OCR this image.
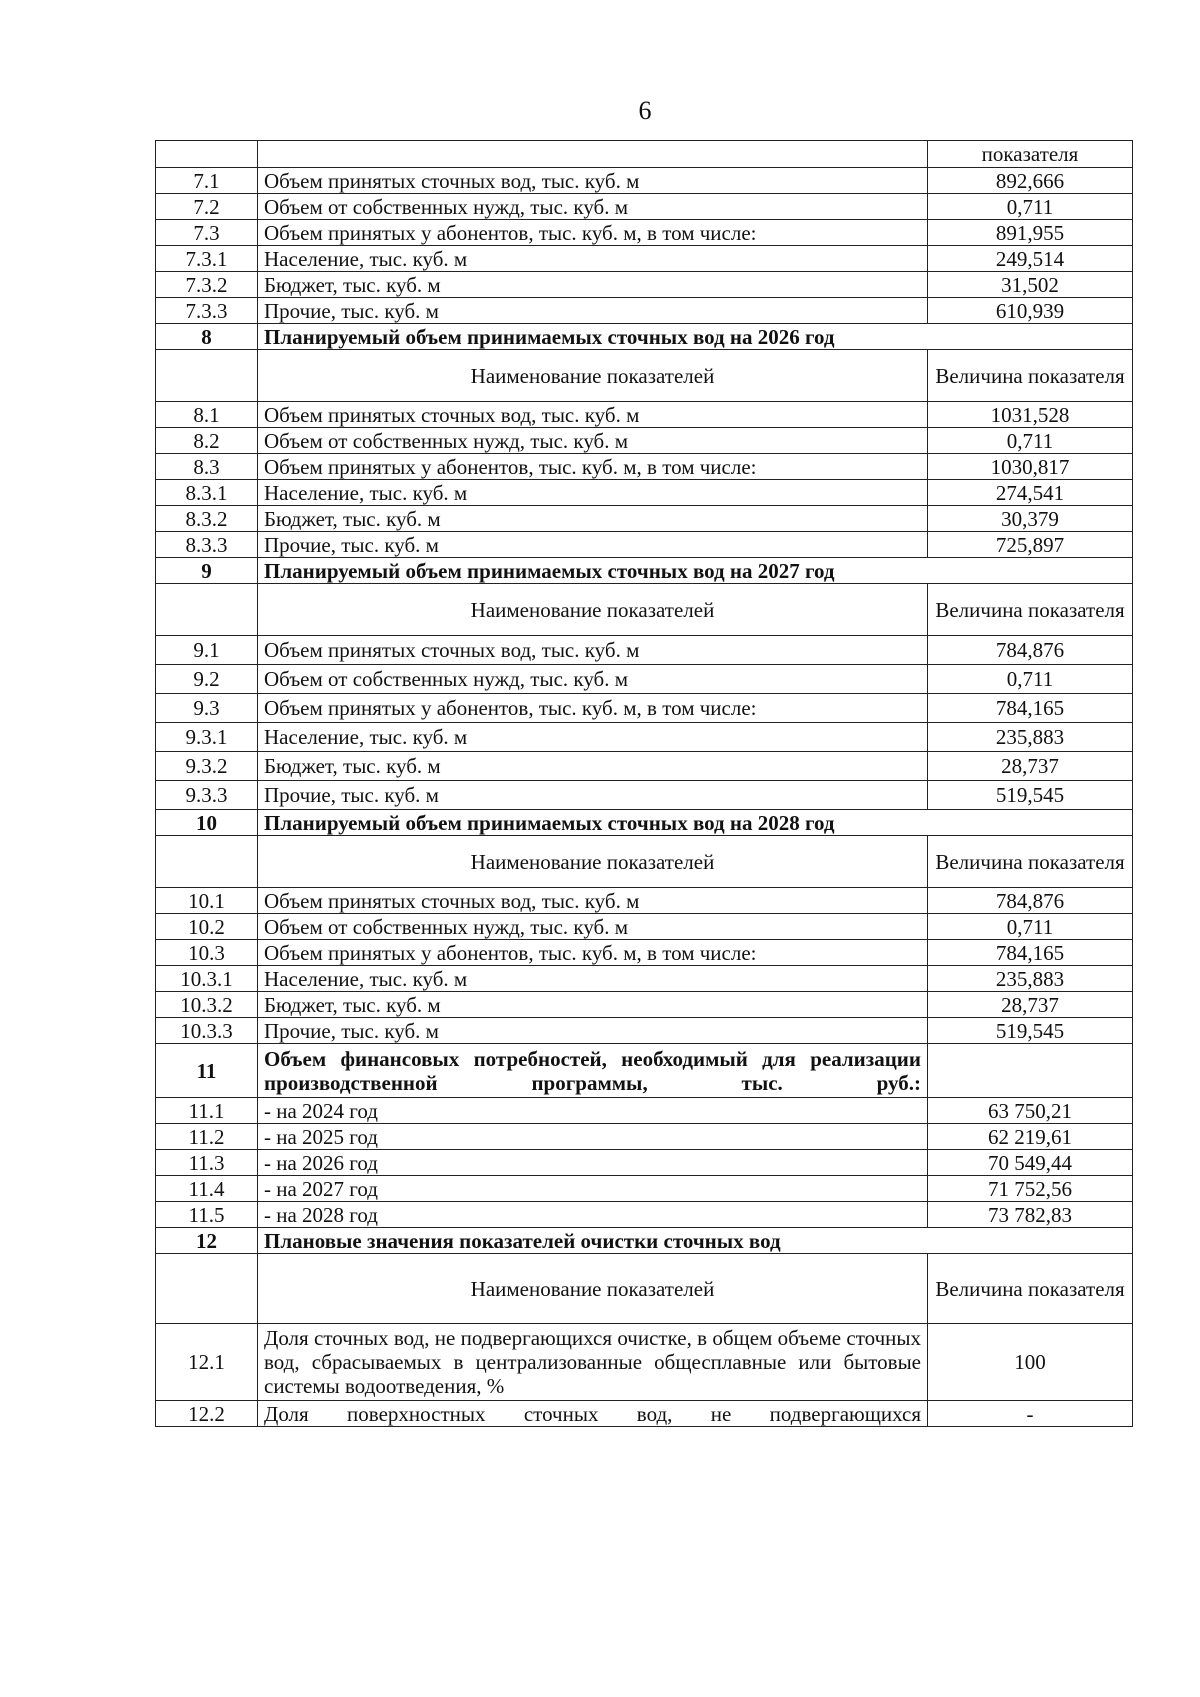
6
		показателя
7.1	Объем принятых сточных вод, тыс. куб. м	892,666
7.2	Объем от собственных нужд, тыс. куб. м	0,711
7.3	Объем принятых у абонентов, тыс. куб. м, в том числе:	891,955
7.3.1	Население, тыс. куб. м	249,514
7.3.2	Бюджет, тыс. куб. м	31,502
7.3.3	Прочие, тыс. куб. м	610,939
8	Планируемый объем принимаемых сточных вод на 2026 год	
	Наименование показателей	Величина показателя
8.1	Объем принятых сточных вод, тыс. куб. м	1031,528
8.2	Объем от собственных нужд, тыс. куб. м	0,711
8.3	Объем принятых у абонентов, тыс. куб. м, в том числе:	1030,817
8.3.1	Население, тыс. куб. м	274,541
8.3.2	Бюджет, тыс. куб. м	30,379
8.3.3	Прочие, тыс. куб. м	725,897
9	Планируемый объем принимаемых сточных вод на 2027 год	
	Наименование показателей	Величина показателя
9.1	Объем принятых сточных вод, тыс. куб. м	784,876
9.2	Объем от собственных нужд, тыс. куб. м	0,711
9.3	Объем принятых у абонентов, тыс. куб. м, в том числе:	784,165
9.3.1	Население, тыс. куб. м	235,883
9.3.2	Бюджет, тыс. куб. м	28,737
9.3.3	Прочие, тыс. куб. м	519,545
10	Планируемый объем принимаемых сточных вод на 2028 год	
	Наименование показателей	Величина показателя
10.1	Объем принятых сточных вод, тыс. куб. м	784,876
10.2	Объем от собственных нужд, тыс. куб. м	0,711
10.3	Объем принятых у абонентов, тыс. куб. м, в том числе:	784,165
10.3.1	Население, тыс. куб. м	235,883
10.3.2	Бюджет, тыс. куб. м	28,737
10.3.3	Прочие, тыс. куб. м	519,545
11	Объем финансовых потребностей, необходимый для реализации производственной программы, тыс. руб.:	
11.1	- на 2024 год	63 750,21
11.2	- на 2025 год	62 219,61
11.3	- на 2026 год	70 549,44
11.4	- на 2027 год	71 752,56
11.5	- на 2028 год	73 782,83
12	Плановые значения показателей очистки сточных вод	
	Наименование показателей	Величина показателя
12.1	Доля сточных вод, не подвергающихся очистке, в общем объеме сточных вод, сбрасываемых в централизованные общесплавные или бытовые системы водоотведения, %	100
12.2	Доля поверхностных сточных вод, не подвергающихся	-
